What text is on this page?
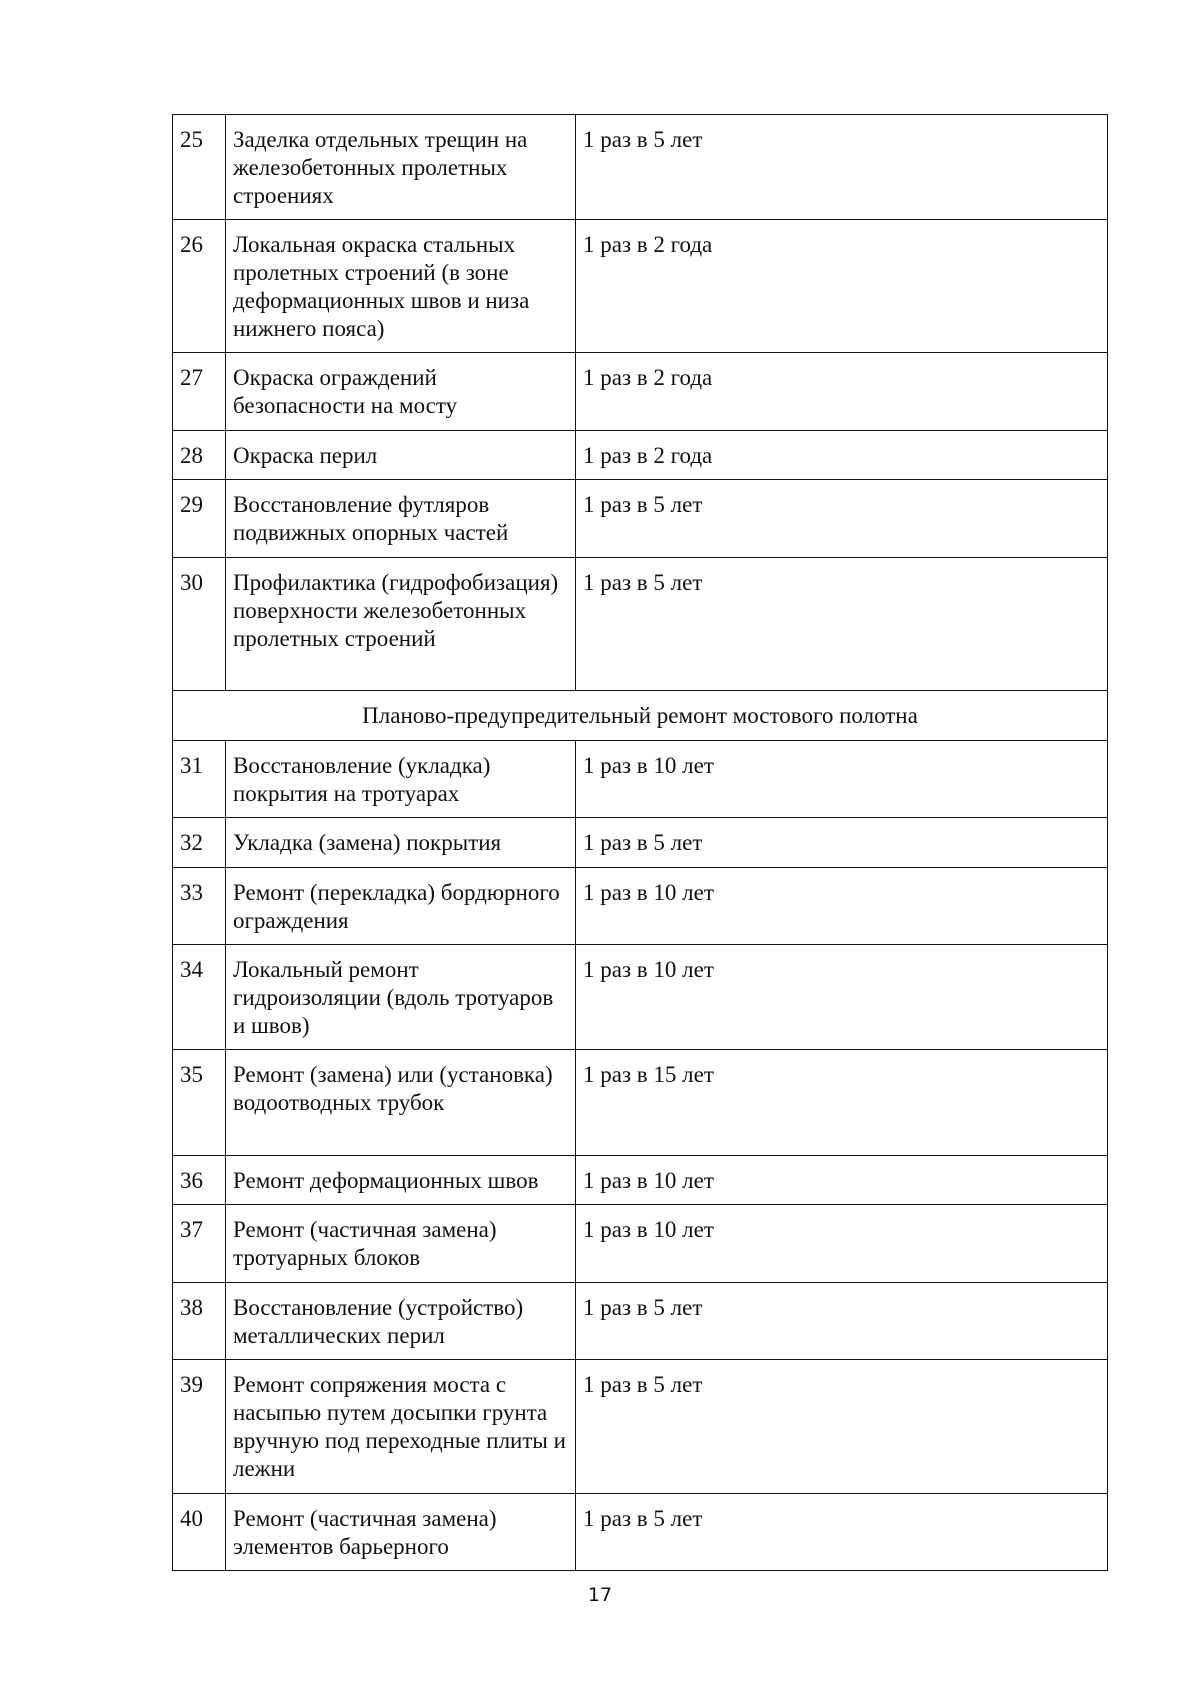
25	Заделка отдельных трещин на железобетонных пролетных строениях	1 раз в 5 лет
26	Локальная окраска стальных пролетных строений (в зоне деформационных швов и низа нижнего пояса)	1 раз в 2 года
27	Окраска ограждений безопасности на мосту	1 раз в 2 года
28	Окраска перил	1 раз в 2 года
29	Восстановление футляров подвижных опорных частей	1 раз в 5 лет
30	Профилактика (гидрофобизация) поверхности железобетонных пролетных строений	1 раз в 5 лет
Планово-предупредительный ремонт мостового полотна		
31	Восстановление (укладка) покрытия на тротуарах	1 раз в 10 лет
32	Укладка (замена) покрытия	1 раз в 5 лет
33	Ремонт (перекладка) бордюрного ограждения	1 раз в 10 лет
34	Локальный ремонт гидроизоляции (вдоль тротуаров и швов)	1 раз в 10 лет
35	Ремонт (замена) или (установка) водоотводных трубок	1 раз в 15 лет
36	Ремонт деформационных швов	1 раз в 10 лет
37	Ремонт (частичная замена) тротуарных блоков	1 раз в 10 лет
38	Восстановление (устройство) металлических перил	1 раз в 5 лет
39	Ремонт сопряжения моста с насыпью путем досыпки грунта вручную под переходные плиты и лежни	1 раз в 5 лет
40	Ремонт (частичная замена) элементов барьерного	1 раз в 5 лет
17
